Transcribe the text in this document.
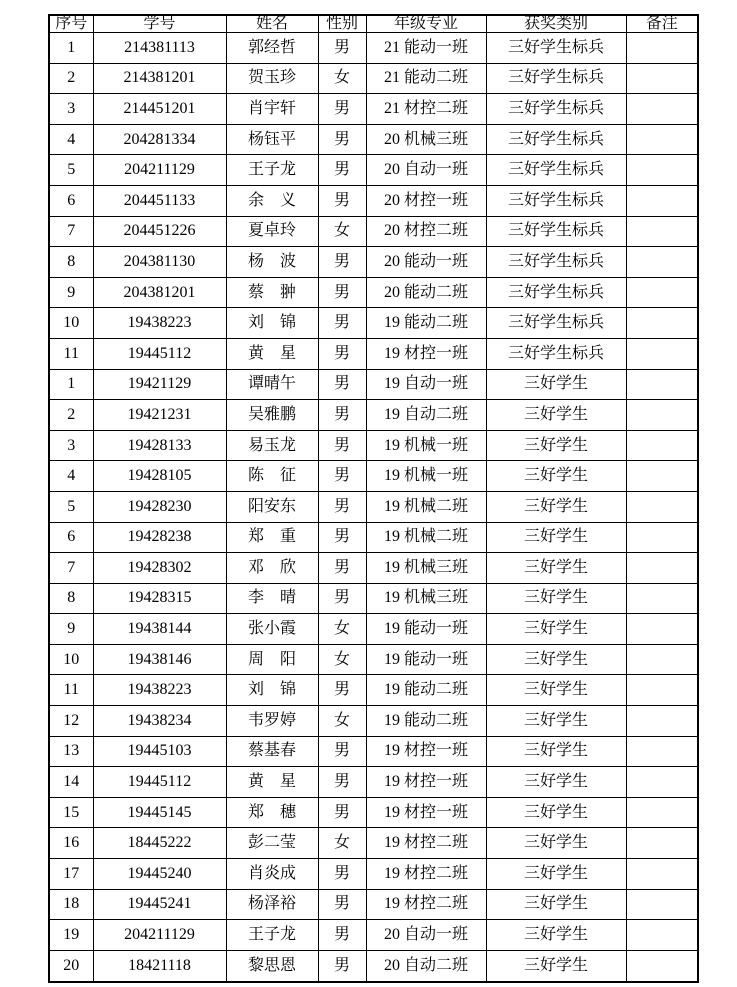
序号	学号	姓名	性别	年级专业	获奖类别	备注
1	214381113	郭经哲	男	21 能动一班	三好学生标兵	
2	214381201	贺玉珍	女	21 能动二班	三好学生标兵	
3	214451201	肖宇轩	男	21 材控二班	三好学生标兵	
4	204281334	杨钰平	男	20 机械三班	三好学生标兵	
5	204211129	王子龙	男	20 自动一班	三好学生标兵	
6	204451133	余　义	男	20 材控一班	三好学生标兵	
7	204451226	夏卓玲	女	20 材控二班	三好学生标兵	
8	204381130	杨　波	男	20 能动一班	三好学生标兵	
9	204381201	蔡　翀	男	20 能动二班	三好学生标兵	
10	19438223	刘　锦	男	19 能动二班	三好学生标兵	
11	19445112	黄　星	男	19 材控一班	三好学生标兵	
1	19421129	谭晴午	男	19 自动一班	三好学生	
2	19421231	吴雅鹏	男	19 自动二班	三好学生	
3	19428133	易玉龙	男	19 机械一班	三好学生	
4	19428105	陈　征	男	19 机械一班	三好学生	
5	19428230	阳安东	男	19 机械二班	三好学生	
6	19428238	郑　重	男	19 机械二班	三好学生	
7	19428302	邓　欣	男	19 机械三班	三好学生	
8	19428315	李　晴	男	19 机械三班	三好学生	
9	19438144	张小霞	女	19 能动一班	三好学生	
10	19438146	周　阳	女	19 能动一班	三好学生	
11	19438223	刘　锦	男	19 能动二班	三好学生	
12	19438234	韦罗婷	女	19 能动二班	三好学生	
13	19445103	蔡基春	男	19 材控一班	三好学生	
14	19445112	黄　星	男	19 材控一班	三好学生	
15	19445145	郑　穗	男	19 材控一班	三好学生	
16	18445222	彭二莹	女	19 材控二班	三好学生	
17	19445240	肖炎成	男	19 材控二班	三好学生	
18	19445241	杨泽裕	男	19 材控二班	三好学生	
19	204211129	王子龙	男	20 自动一班	三好学生	
20	18421118	黎思恩	男	20 自动二班	三好学生	
